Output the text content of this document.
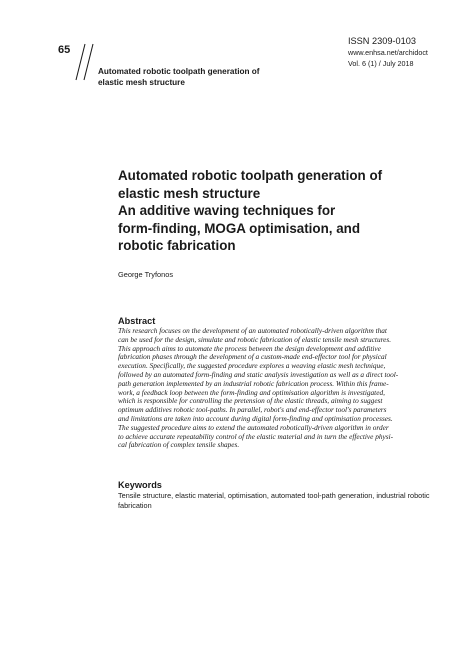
65
Automated robotic toolpath generation of
elastic mesh structure
ISSN 2309-0103
www.enhsa.net/archidoct
Vol. 6 (1) / July 2018
Automated robotic toolpath generation of
elastic mesh structure
An additive waving techniques for
form-finding, MOGA optimisation, and
robotic fabrication
George Tryfonos
Abstract
This research focuses on the development of an automated robotically-driven algorithm that
can be used for the design, simulate and robotic fabrication of elastic tensile mesh structures.
This approach aims to automate the process between the design development and additive
fabrication phases through the development of a custom-made end-effector tool for physical
execution. Specifically, the suggested procedure explores a weaving elastic mesh technique,
followed by an automated form-finding and static analysis investigation as well as a direct tool-
path generation implemented by an industrial robotic fabrication process. Within this frame-
work, a feedback loop between the form-finding and optimisation algorithm is investigated,
which is responsible for controlling the pretension of the elastic threads, aiming to suggest
optimum additives robotic tool-paths. In parallel, robot's and end-effector tool's parameters
and limitations are taken into account during digital form-finding and optimisation processes.
The suggested procedure aims to extend the automated robotically-driven algorithm in order
to achieve accurate repeatability control of the elastic material and in turn the effective physi-
cal fabrication of complex tensile shapes.
Keywords
Tensile structure, elastic material, optimisation, automated tool-path generation, industrial robotic
fabrication
